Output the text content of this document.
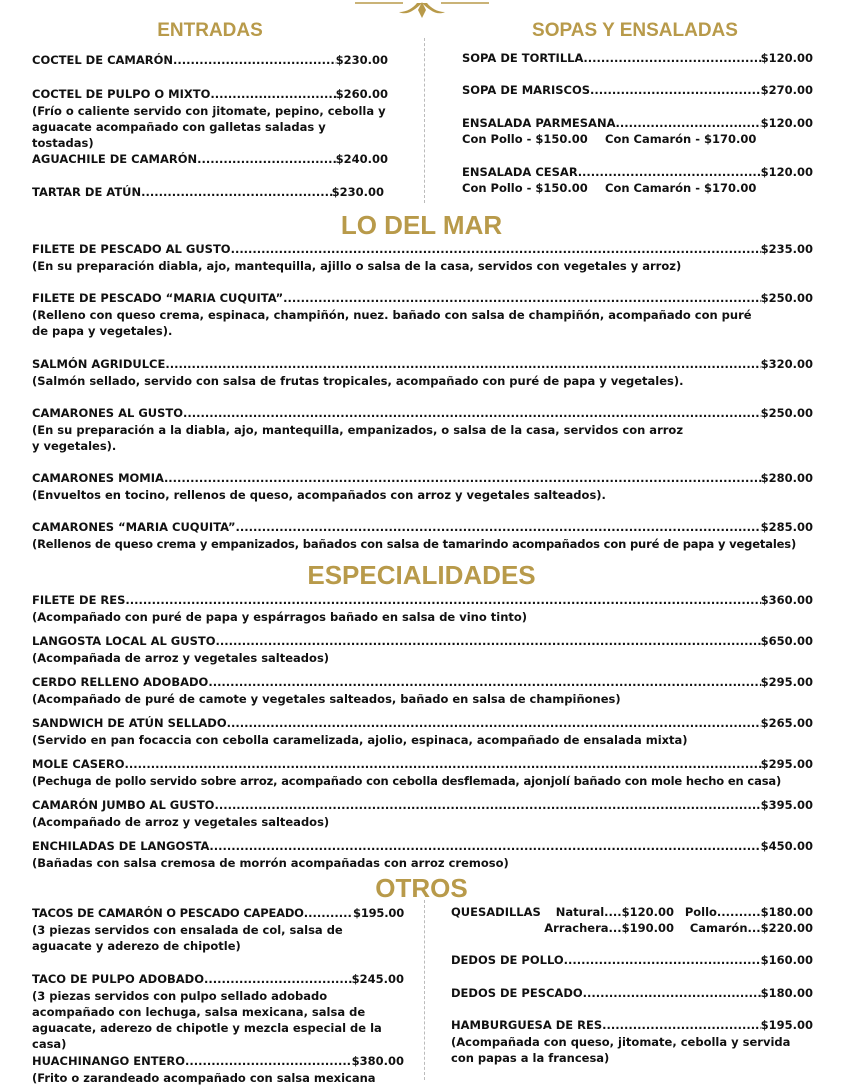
ENTRADAS	SOPAS Y ENSALADAS
LO DEL MAR
ESPECIALIDADES
OTROS
COCTEL DE CAMARÓN .....	$230.00
COCTEL DE PULPO O MIXTO .....	$260.00
(Frío o caliente servido con jitomate, pepino, cebolla y aguacate acompañado con galletas saladas y tostadas)
AGUACHILE DE CAMARÓN .....	$240.00
TARTAR DE ATÚN .....	$230.00
SOPA DE TORTILLA .....	$120.00
SOPA DE MARISCOS .....	$270.00
ENSALADA PARMESANA .....	$120.00
Con Pollo - $150.00 Con Camarón - $170.00
ENSALADA CESAR .....	$120.00
Con Pollo - $150.00 Con Camarón - $170.00
FILETE DE PESCADO AL GUSTO .....	$235.00
(En su preparación diabla, ajo, mantequilla, ajillo o salsa de la casa, servidos con vegetales y arroz)
FILETE DE PESCADO “MARIA CUQUITA” .....	$250.00
(Relleno con queso crema, espinaca, champiñón, nuez. bañado con salsa de champiñón, acompañado con puré de papa y vegetales).
SALMÓN AGRIDULCE .....	$320.00
(Salmón sellado, servido con salsa de frutas tropicales, acompañado con puré de papa y vegetales).
CAMARONES AL GUSTO .....	$250.00
(En su preparación a la diabla, ajo, mantequilla, empanizados, o salsa de la casa, servidos con arroz y vegetales).
CAMARONES MOMIA .....	$280.00
(Envueltos en tocino, rellenos de queso, acompañados con arroz y vegetales salteados).
CAMARONES “MARIA CUQUITA” .....	$285.00
(Rellenos de queso crema y empanizados, bañados con salsa de tamarindo acompañados con puré de papa y vegetales)
FILETE DE RES .....	$360.00
(Acompañado con puré de papa y espárragos bañado en salsa de vino tinto)
LANGOSTA LOCAL AL GUSTO .....	$650.00
(Acompañada de arroz y vegetales salteados)
CERDO RELLENO ADOBADO .....	$295.00
(Acompañado de puré de camote y vegetales salteados, bañado en salsa de champiñones)
SANDWICH DE ATÚN SELLADO .....	$265.00
(Servido en pan focaccia con cebolla caramelizada, ajolio, espinaca, acompañado de ensalada mixta)
MOLE CASERO .....	$295.00
(Pechuga de pollo servido sobre arroz, acompañado con cebolla desflemada, ajonjolí bañado con mole hecho en casa)
CAMARÓN JUMBO AL GUSTO .....	$395.00
(Acompañado de arroz y vegetales salteados)
ENCHILADAS DE LANGOSTA .....	$450.00
(Bañadas con salsa cremosa de morrón acompañadas con arroz cremoso)
TACOS DE CAMARÓN O PESCADO CAPEADO .....	$195.00
(3 piezas servidos con ensalada de col, salsa de aguacate y aderezo de chipotle)
TACO DE PULPO ADOBADO .....	$245.00
(3 piezas servidos con pulpo sellado adobado acompañado con lechuga, salsa mexicana, salsa de aguacate, aderezo de chipotle y mezcla especial de la casa)
HUACHINANGO ENTERO .....	$380.00
(Frito o zarandeado acompañado con salsa mexicana
QUESADILLAS Natural....$120.00 Pollo..........$180.00
Arrachera...$190.00 Camarón...$220.00
DEDOS DE POLLO .....	$160.00
DEDOS DE PESCADO .....	$180.00
HAMBURGUESA DE RES .....	$195.00
(Acompañada con queso, jitomate, cebolla y servida con papas a la francesa)
